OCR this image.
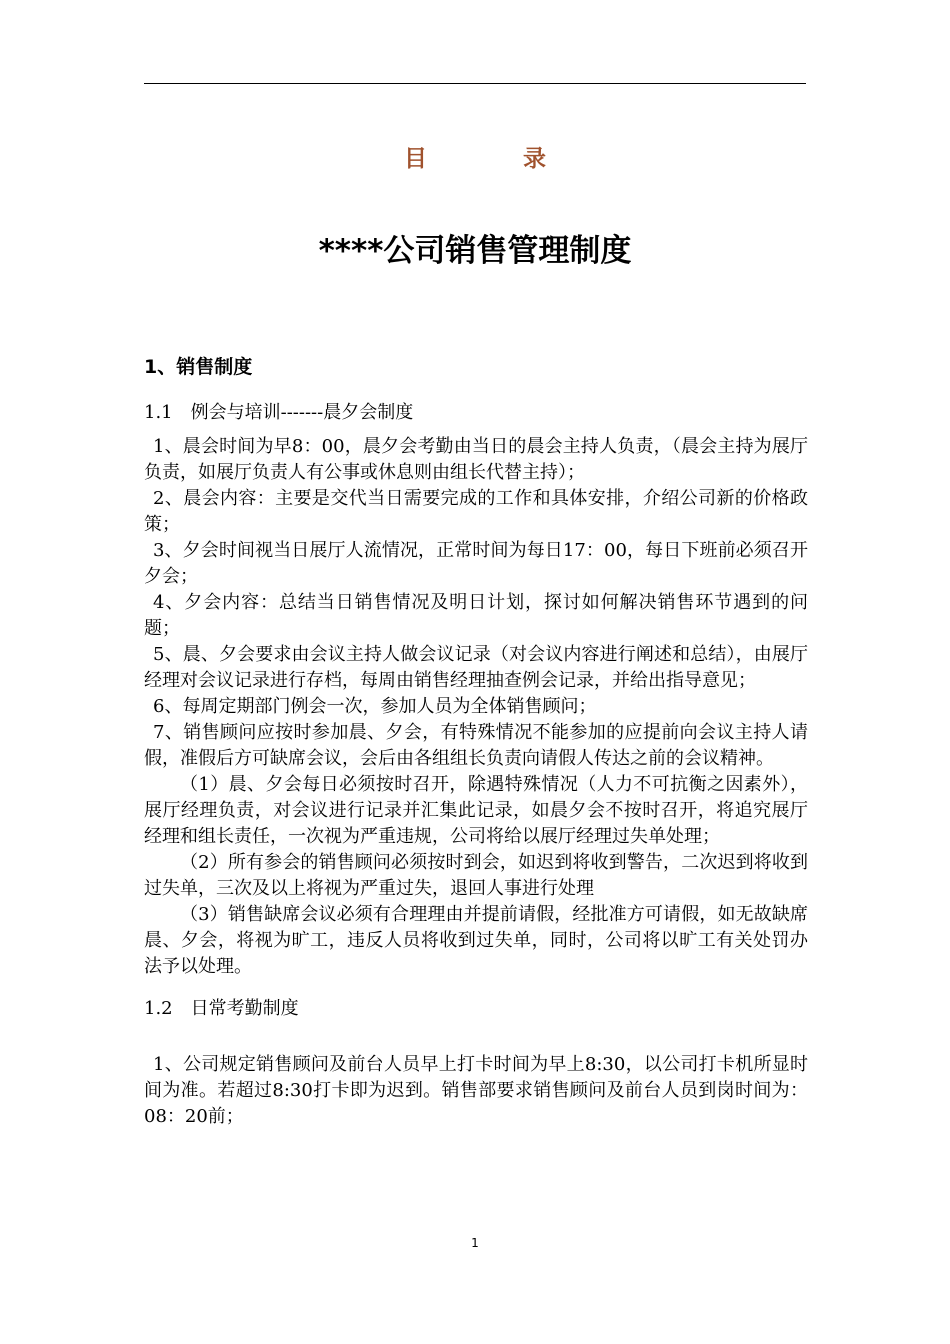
目	录
****公司销售管理制度
1、销售制度
1.1　例会与培训-------晨夕会制度

1、晨会时间为早8：00，晨夕会考勤由当日的晨会主持人负责，（晨会主持为展厅负责，如展厅负责人有公事或休息则由组长代替主持）；

2、晨会内容：主要是交代当日需要完成的工作和具体安排，介绍公司新的价格政策；

3、夕会时间视当日展厅人流情况，正常时间为每日17：00，每日下班前必须召开夕会；

4、夕会内容：总结当日销售情况及明日计划，探讨如何解决销售环节遇到的问题；

5、晨、夕会要求由会议主持人做会议记录（对会议内容进行阐述和总结），由展厅经理对会议记录进行存档，每周由销售经理抽查例会记录，并给出指导意见；

6、每周定期部门例会一次，参加人员为全体销售顾问；

7、销售顾问应按时参加晨、夕会，有特殊情况不能参加的应提前向会议主持人请假，准假后方可缺席会议，会后由各组组长负责向请假人传达之前的会议精神。

（1）晨、夕会每日必须按时召开，除遇特殊情况（人力不可抗衡之因素外），展厅经理负责，对会议进行记录并汇集此记录，如晨夕会不按时召开，将追究展厅经理和组长责任，一次视为严重违规，公司将给以展厅经理过失单处理；

（2）所有参会的销售顾问必须按时到会，如迟到将收到警告，二次迟到将收到过失单，三次及以上将视为严重过失，退回人事进行处理

（3）销售缺席会议必须有合理理由并提前请假，经批准方可请假，如无故缺席晨、夕会，将视为旷工，违反人员将收到过失单，同时，公司将以旷工有关处罚办法予以处理。

1.2　日常考勤制度

1、公司规定销售顾问及前台人员早上打卡时间为早上8:30，以公司打卡机所显时间为准。若超过8:30打卡即为迟到。销售部要求销售顾问及前台人员到岗时间为：08：20前；

1
